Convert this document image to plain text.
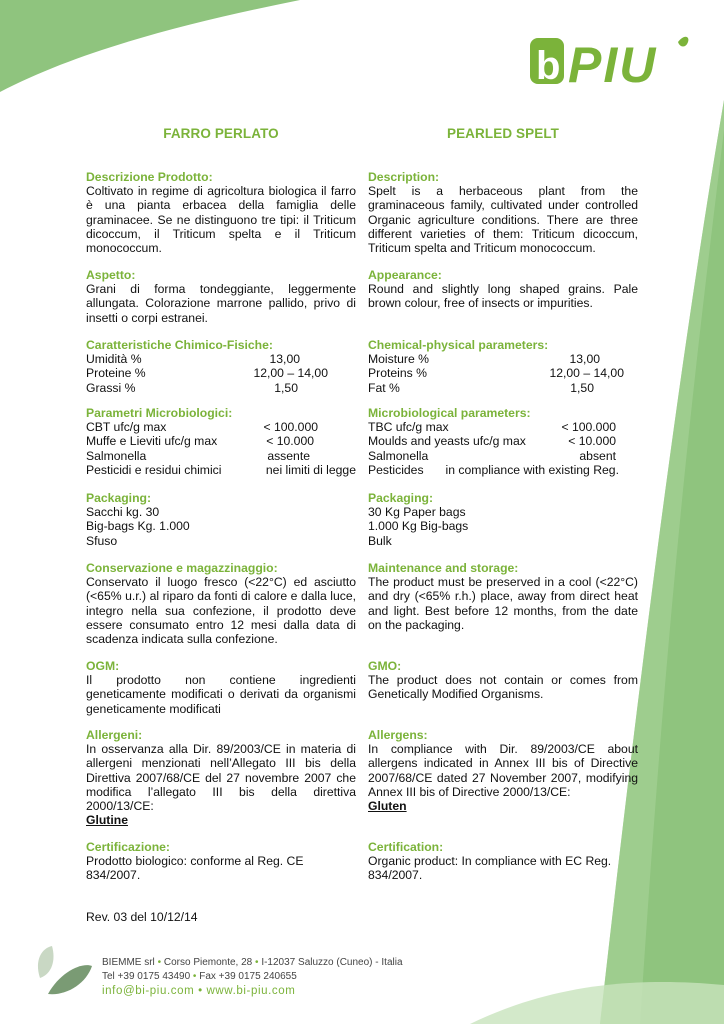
b PIU
FARRO PERLATO	PEARLED SPELT
Descrizione Prodotto:
Coltivato in regime di agricoltura biologica il farro è una pianta erbacea della famiglia delle graminacee. Se ne distinguono tre tipi: il Triticum dicoccum, il Triticum spelta e il Triticum monococcum.
Aspetto:
Grani di forma tondeggiante, leggermente allungata. Colorazione marrone pallido, privo di insetti o corpi estranei.
Caratteristiche Chimico-Fisiche:
Umidità %	13,00
Proteine %	12,00 – 14,00
Grassi %	1,50
Parametri Microbiologici:
CBT ufc/g max	< 100.000
Muffe e Lieviti ufc/g max	< 10.000
Salmonella	assente
Pesticidi e residui chimici	nei limiti di legge
Packaging:
Sacchi kg. 30
Big-bags Kg. 1.000
Sfuso
Conservazione e magazzinaggio:
Conservato il luogo fresco (<22°C) ed asciutto (<65% u.r.) al riparo da fonti di calore e dalla luce, integro nella sua confezione, il prodotto deve essere consumato entro 12 mesi dalla data di scadenza indicata sulla confezione.
OGM:
Il prodotto non contiene ingredienti geneticamente modificati o derivati da organismi geneticamente modificati
Allergeni:
In osservanza alla Dir. 89/2003/CE in materia di allergeni menzionati nell’Allegato III bis della Direttiva 2007/68/CE del 27 novembre 2007 che modifica l’allegato III bis della direttiva 2000/13/CE:
Glutine
Certificazione:
Prodotto biologico: conforme al Reg. CE 834/2007.
Description:
Spelt is a herbaceous plant from the graminaceous family, cultivated under controlled Organic agriculture conditions. There are three different varieties of them: Triticum dicoccum, Triticum spelta and Triticum monococcum.
Appearance:
Round and slightly long shaped grains. Pale brown colour, free of insects or impurities.
Chemical-physical parameters:
Moisture %	13,00
Proteins %	12,00 – 14,00
Fat %	1,50
Microbiological parameters:
TBC ufc/g max	< 100.000
Moulds and yeasts ufc/g max	< 10.000
Salmonella	absent
Pesticides in compliance with existing Reg.
Packaging:
30 Kg Paper bags
1.000 Kg Big-bags
Bulk
Maintenance and storage:
The product must be preserved in a cool (<22°C) and dry (<65% r.h.) place, away from direct heat and light. Best before 12 months, from the date on the packaging.
GMO:
The product does not contain or comes from Genetically Modified Organisms.
Allergens:
In compliance with Dir. 89/2003/CE about allergens indicated in Annex III bis of Directive 2007/68/CE dated 27 November 2007, modifying Annex III bis of Directive 2000/13/CE:
Gluten
Certification:
Organic product: In compliance with EC Reg. 834/2007.
Rev. 03 del 10/12/14
BIEMME srl • Corso Piemonte, 28 • I-12037 Saluzzo (Cuneo) - Italia
Tel +39 0175 43490 • Fax +39 0175 240655
info@bi-piu.com • www.bi-piu.com
